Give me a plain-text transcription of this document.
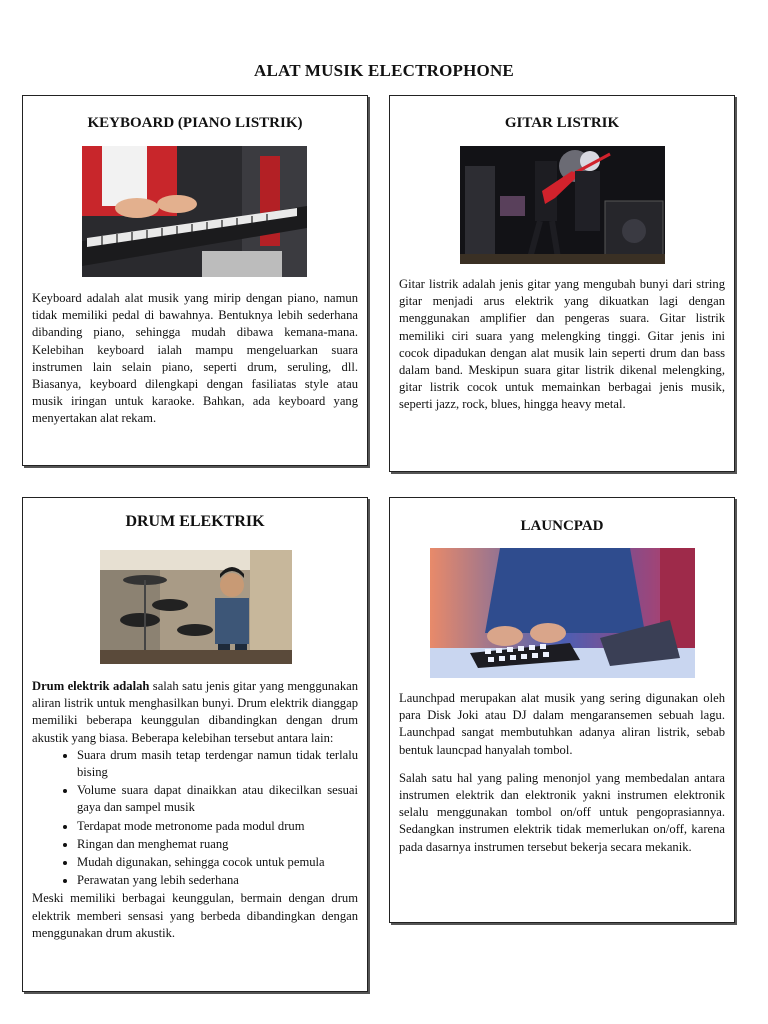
ALAT MUSIK ELECTROPHONE
KEYBOARD (PIANO LISTRIK)
Keyboard adalah alat musik yang mirip dengan piano, namun tidak memiliki pedal di bawahnya. Bentuknya lebih sederhana dibanding piano, sehingga mudah dibawa kemana-mana. Kelebihan keyboard ialah mampu mengeluarkan suara instrumen lain selain piano, seperti drum, seruling, dll. Biasanya, keyboard dilengkapi dengan fasiliatas style atau musik iringan untuk karaoke. Bahkan, ada keyboard yang menyertakan alat rekam.
GITAR LISTRIK
Gitar listrik adalah jenis gitar yang mengubah bunyi dari string gitar menjadi arus elektrik yang dikuatkan lagi dengan menggunakan amplifier dan pengeras suara. Gitar listrik memiliki ciri suara yang melengking tinggi. Gitar jenis ini cocok dipadukan dengan alat musik lain seperti drum dan bass dalam band. Meskipun suara gitar listrik dikenal melengking, gitar listrik cocok untuk memainkan berbagai jenis musik, seperti jazz, rock, blues, hingga heavy metal.
DRUM ELEKTRIK

Drum elektrik adalah salah satu jenis gitar yang menggunakan aliran listrik untuk menghasilkan bunyi. Drum elektrik dianggap memiliki beberapa keunggulan dibandingkan dengan drum akustik yang biasa. Beberapa kelebihan tersebut antara lain:

• Suara drum masih tetap terdengar namun tidak terlalu bising
• Volume suara dapat dinaikkan atau dikecilkan sesuai gaya dan sampel musik
• Terdapat mode metronome pada modul drum
• Ringan dan menghemat ruang
• Mudah digunakan, sehingga cocok untuk pemula
• Perawatan yang lebih sederhana

Meski memiliki berbagai keunggulan, bermain dengan drum elektrik memberi sensasi yang berbeda dibandingkan dengan menggunakan drum akustik.

LAUNCPAD

Launchpad merupakan alat musik yang sering digunakan oleh para Disk Joki atau DJ dalam mengaransemen sebuah lagu. Launchpad sangat membutuhkan adanya aliran listrik, sebab bentuk launcpad hanyalah tombol.

Salah satu hal yang paling menonjol yang membedalan antara instrumen elektrik dan elektronik yakni instrumen elektronik selalu menggunakan tombol on/off untuk pengoprasiannya. Sedangkan instrumen elektrik tidak memerlukan on/off, karena pada dasarnya instrumen tersebut bekerja secara mekanik.
